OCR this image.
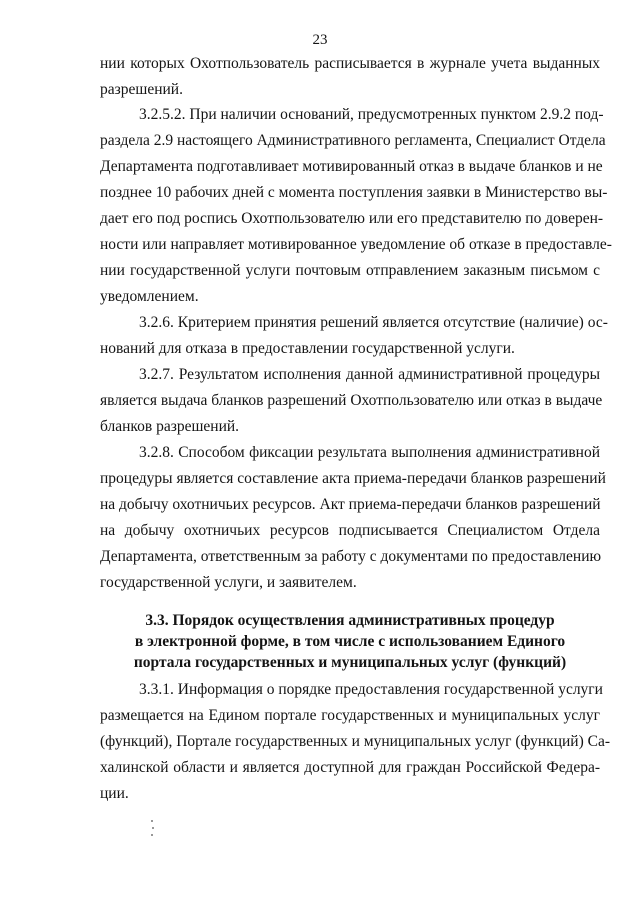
23
нии которых Охотпользователь расписывается в журнале учета выданных
разрешений.
3.2.5.2. При наличии оснований, предусмотренных пунктом 2.9.2 под-
раздела 2.9 настоящего Административного регламента, Специалист Отдела
Департамента подготавливает мотивированный отказ в выдаче бланков и не
позднее 10 рабочих дней с момента поступления заявки в Министерство вы-
дает его под роспись Охотпользователю или его представителю по доверен-
ности или направляет мотивированное уведомление об отказе в предоставле-
нии государственной услуги почтовым отправлением заказным письмом с
уведомлением.
3.2.6. Критерием принятия решений является отсутствие (наличие) ос-
нований для отказа в предоставлении государственной услуги.
3.2.7. Результатом исполнения данной административной процедуры
является выдача бланков разрешений Охотпользователю или отказ в выдаче
бланков разрешений.
3.2.8. Способом фиксации результата выполнения административной
процедуры является составление акта приема-передачи бланков разрешений
на добычу охотничьих ресурсов. Акт приема-передачи бланков разрешений
на добычу охотничьих ресурсов подписывается Специалистом Отдела
Департамента, ответственным за работу с документами по предоставлению
государственной услуги, и заявителем.
3.3. Порядок осуществления административных процедур
в электронной форме, в том числе с использованием Единого
портала государственных и муниципальных услуг (функций)
3.3.1. Информация о порядке предоставления государственной услуги
размещается на Едином портале государственных и муниципальных услуг
(функций), Портале государственных и муниципальных услуг (функций) Са-
халинской области и является доступной для граждан Российской Федера-
ции.
